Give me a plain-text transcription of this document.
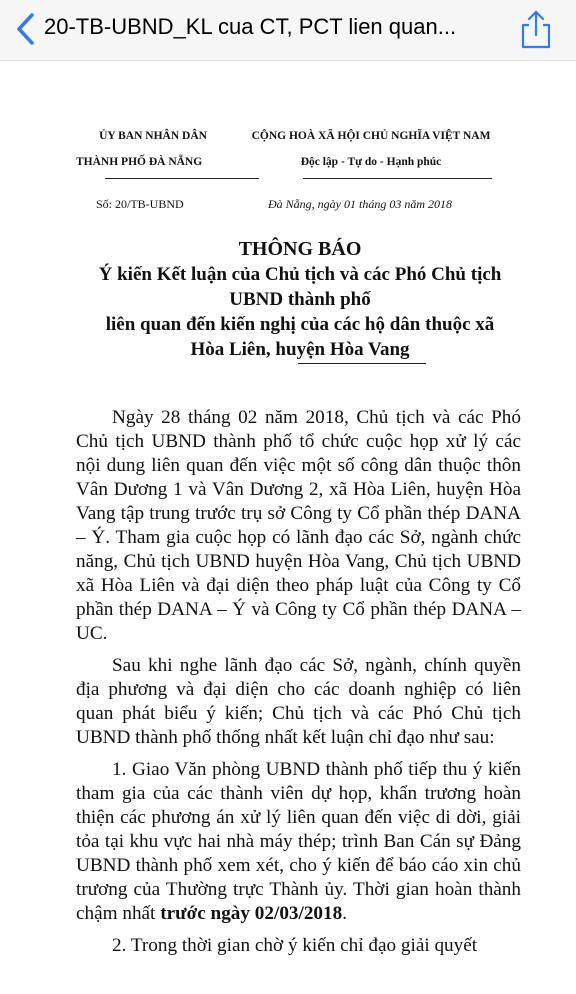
20-TB-UBND_KL cua CT, PCT lien quan...
ỦY BAN NHÂN DÂN
THÀNH PHỐ ĐÀ NẴNG
CỘNG HOÀ XÃ HỘI CHỦ NGHĨA VIỆT NAM
Độc lập - Tự do - Hạnh phúc
Số: 20/TB-UBND	Đà Nẵng, ngày 01 tháng 03 năm 2018
THÔNG BÁO
Ý kiến Kết luận của Chủ tịch và các Phó Chủ tịch
UBND thành phố
liên quan đến kiến nghị của các hộ dân thuộc xã
Hòa Liên, huyện Hòa Vang

Ngày 28 tháng 02 năm 2018, Chủ tịch và các Phó Chủ tịch UBND thành phố tổ chức cuộc họp xử lý các nội dung liên quan đến việc một số công dân thuộc thôn Vân Dương 1 và Vân Dương 2, xã Hòa Liên, huyện Hòa Vang tập trung trước trụ sở Công ty Cổ phần thép DANA – Ý. Tham gia cuộc họp có lãnh đạo các Sở, ngành chức năng, Chủ tịch UBND huyện Hòa Vang, Chủ tịch UBND xã Hòa Liên và đại diện theo pháp luật của Công ty Cổ phần thép DANA – Ý và Công ty Cổ phần thép DANA – UC.

Sau khi nghe lãnh đạo các Sở, ngành, chính quyền địa phương và đại diện cho các doanh nghiệp có liên quan phát biểu ý kiến; Chủ tịch và các Phó Chủ tịch UBND thành phố thống nhất kết luận chỉ đạo như sau:

1. Giao Văn phòng UBND thành phố tiếp thu ý kiến tham gia của các thành viên dự họp, khẩn trương hoàn thiện các phương án xử lý liên quan đến việc di dời, giải tỏa tại khu vực hai nhà máy thép; trình Ban Cán sự Đảng UBND thành phố xem xét, cho ý kiến để báo cáo xin chủ trương của Thường trực Thành ủy. Thời gian hoàn thành chậm nhất trước ngày 02/03/2018.

2. Trong thời gian chờ ý kiến chỉ đạo giải quyết
